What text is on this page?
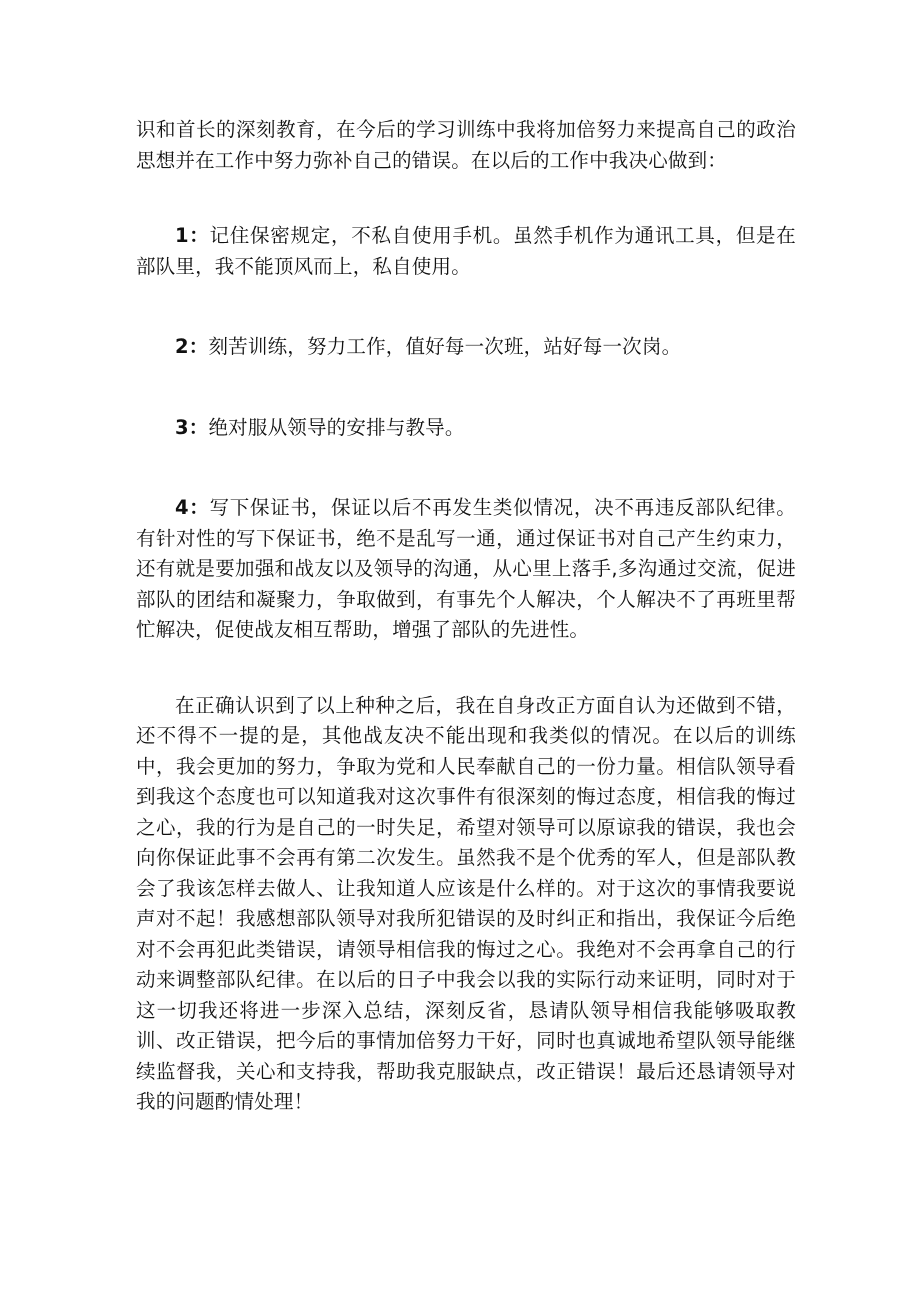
识和首长的深刻教育，在今后的学习训练中我将加倍努力来提高自己的政治思想并在工作中努力弥补自己的错误。在以后的工作中我决心做到：

1：记住保密规定，不私自使用手机。虽然手机作为通讯工具，但是在部队里，我不能顶风而上，私自使用。

2：刻苦训练，努力工作，值好每一次班，站好每一次岗。

3：绝对服从领导的安排与教导。

4：写下保证书，保证以后不再发生类似情况，决不再违反部队纪律。有针对性的写下保证书，绝不是乱写一通，通过保证书对自己产生约束力，还有就是要加强和战友以及领导的沟通，从心里上落手,多沟通过交流，促进部队的团结和凝聚力，争取做到，有事先个人解决，个人解决不了再班里帮忙解决，促使战友相互帮助，增强了部队的先进性。

在正确认识到了以上种种之后，我在自身改正方面自认为还做到不错，还不得不一提的是，其他战友决不能出现和我类似的情况。在以后的训练中，我会更加的努力，争取为党和人民奉献自己的一份力量。相信队领导看到我这个态度也可以知道我对这次事件有很深刻的悔过态度，相信我的悔过之心，我的行为是自己的一时失足，希望对领导可以原谅我的错误，我也会向你保证此事不会再有第二次发生。虽然我不是个优秀的军人，但是部队教会了我该怎样去做人、让我知道人应该是什么样的。对于这次的事情我要说声对不起！我感想部队领导对我所犯错误的及时纠正和指出，我保证今后绝对不会再犯此类错误，请领导相信我的悔过之心。我绝对不会再拿自己的行动来调整部队纪律。在以后的日子中我会以我的实际行动来证明，同时对于这一切我还将进一步深入总结，深刻反省，恳请队领导相信我能够吸取教训、改正错误，把今后的事情加倍努力干好，同时也真诚地希望队领导能继续监督我，关心和支持我，帮助我克服缺点，改正错误！最后还恳请领导对我的问题酌情处理！
